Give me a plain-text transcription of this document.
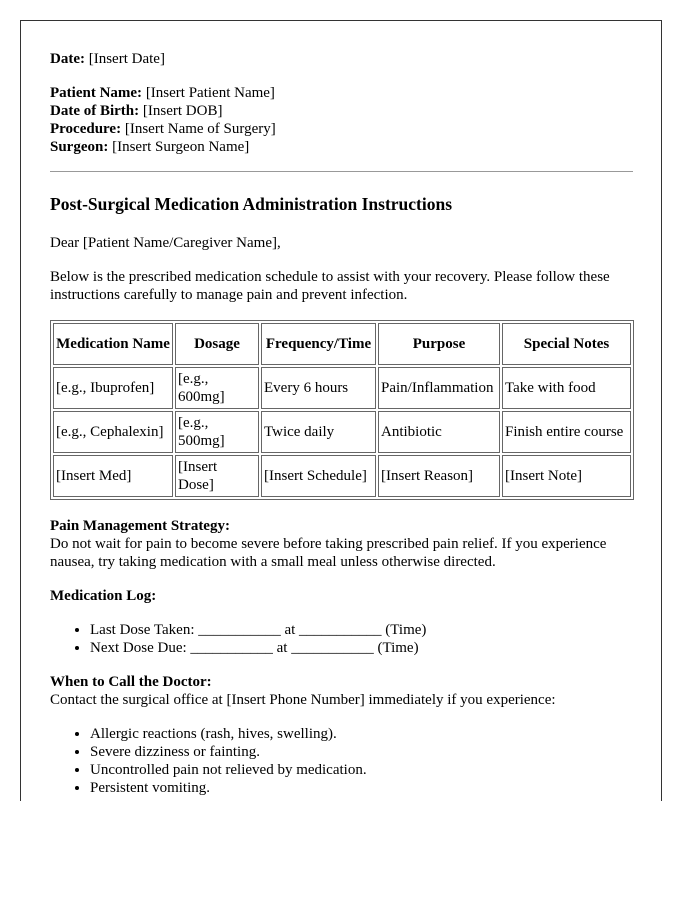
Date: [Insert Date]

Patient Name: [Insert Patient Name]

Date of Birth: [Insert DOB]

Procedure: [Insert Name of Surgery]

Surgeon: [Insert Surgeon Name]

Post-Surgical Medication Administration Instructions

Dear [Patient Name/Caregiver Name],

Below is the prescribed medication schedule to assist with your recovery. Please follow these instructions carefully to manage pain and prevent infection.

Medication Name	Dosage	Frequency/Time	Purpose	Special Notes
[e.g., Ibuprofen]	[e.g., 600mg]	Every 6 hours	Pain/Inflammation	Take with food
[e.g., Cephalexin]	[e.g., 500mg]	Twice daily	Antibiotic	Finish entire course
[Insert Med]	[Insert Dose]	[Insert Schedule]	[Insert Reason]	[Insert Note]

Pain Management Strategy:

Do not wait for pain to become severe before taking prescribed pain relief. If you experience nausea, try taking medication with a small meal unless otherwise directed.

Medication Log:

• Last Dose Taken: ___________ at ___________ (Time)
• Next Dose Due: ___________ at ___________ (Time)

When to Call the Doctor:

Contact the surgical office at [Insert Phone Number] immediately if you experience:

• Allergic reactions (rash, hives, swelling).
• Severe dizziness or fainting.
• Uncontrolled pain not relieved by medication.
• Persistent vomiting.
